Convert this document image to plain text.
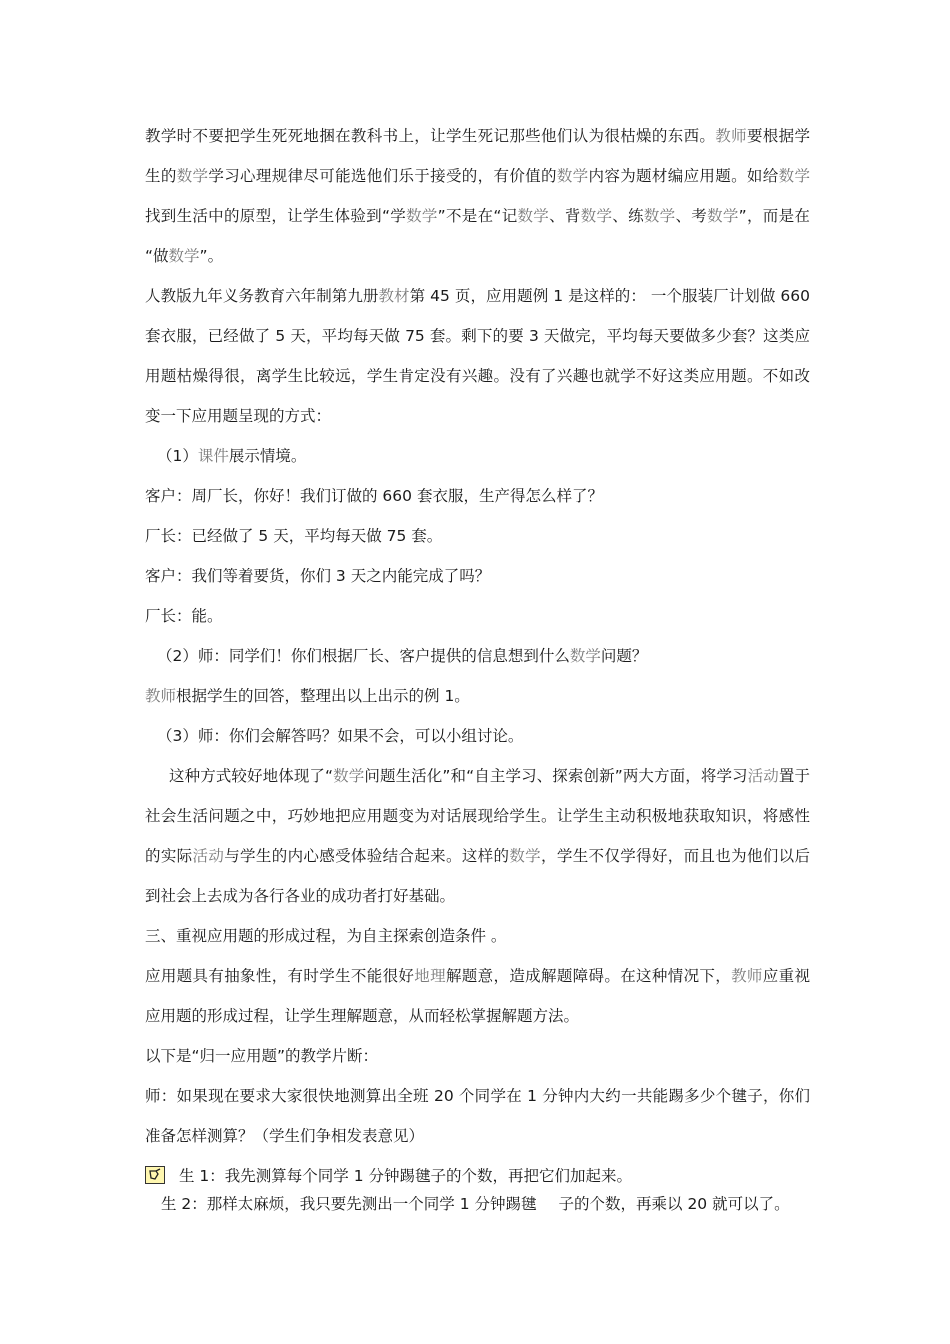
教学时不要把学生死死地捆在教科书上，让学生死记那些他们认为很枯燥的东西。教师要根据学生的数学学习心理规律尽可能选他们乐于接受的，有价值的数学内容为题材编应用题。如给数学找到生活中的原型，让学生体验到“学数学”不是在“记数学、背数学、练数学、考数学”，而是在 “做数学”。

人教版九年义务教育六年制第九册教材第 45 页，应用题例 1 是这样的： 一个服装厂计划做 660 套衣服，已经做了 5 天，平均每天做 75 套。剩下的要 3 天做完，平均每天要做多少套？这类应用题枯燥得很，离学生比较远，学生肯定没有兴趣。没有了兴趣也就学不好这类应用题。不如改变一下应用题呈现的方式：

（1）课件展示情境。

客户：周厂长，你好！我们订做的 660 套衣服，生产得怎么样了？

厂长：已经做了 5 天，平均每天做 75 套。

客户：我们等着要货，你们 3 天之内能完成了吗？

厂长：能。

（2）师：同学们！你们根据厂长、客户提供的信息想到什么数学问题？

教师根据学生的回答，整理出以上出示的例 1。

（3）师：你们会解答吗？如果不会，可以小组讨论。

这种方式较好地体现了“数学问题生活化”和“自主学习、探索创新”两大方面，将学习活动置于社会生活问题之中，巧妙地把应用题变为对话展现给学生。让学生主动积极地获取知识，将感性的实际活动与学生的内心感受体验结合起来。这样的数学，学生不仅学得好，而且也为他们以后到社会上去成为各行各业的成功者打好基础。

三、重视应用题的形成过程，为自主探索创造条件 。

应用题具有抽象性，有时学生不能很好地理解题意，造成解题障碍。在这种情况下，教师应重视应用题的形成过程，让学生理解题意，从而轻松掌握解题方法。

以下是“归一应用题”的教学片断：

师：如果现在要求大家很快地测算出全班 20 个同学在 1 分钟内大约一共能踢多少个毽子，你们准备怎样测算？（学生们争相发表意见）

生 1：我先测算每个同学 1 分钟踢毽子的个数，再把它们加起来。

生 2：那样太麻烦，我只要先测出一个同学 1 分钟踢毽 子的个数，再乘以 20 就可以了。
